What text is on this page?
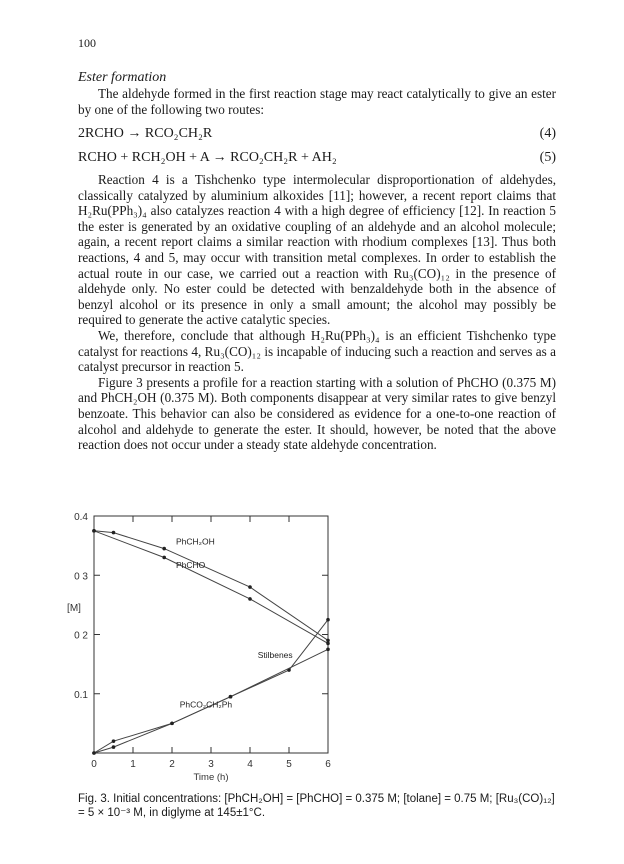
100
Ester formation
The aldehyde formed in the first reaction stage may react catalytically to give an ester by one of the following two routes:
2RCHO → RCO₂CH₂R	(4)
RCHO + RCH₂OH + A → RCO₂CH₂R + AH₂	(5)
Reaction 4 is a Tishchenko type intermolecular disproportionation of aldehydes, classically catalyzed by aluminium alkoxides [11]; however, a recent report claims that H₂Ru(PPh₃)₄ also catalyzes reaction 4 with a high degree of efficiency [12]. In reaction 5 the ester is generated by an oxidative coupling of an aldehyde and an alcohol molecule; again, a recent report claims a similar reaction with rhodium complexes [13]. Thus both reactions, 4 and 5, may occur with transition metal complexes. In order to establish the actual route in our case, we carried out a reaction with Ru₃(CO)₁₂ in the presence of aldehyde only. No ester could be detected with benzaldehyde both in the absence of benzyl alcohol or its presence in only a small amount; the alcohol may possibly be required to generate the active catalytic species.
We, therefore, conclude that although H₂Ru(PPh₃)₄ is an efficient Tishchenko type catalyst for reactions 4, Ru₃(CO)₁₂ is incapable of inducing such a reaction and serves as a catalyst precursor in reaction 5.
Figure 3 presents a profile for a reaction starting with a solution of PhCHO (0.375 M) and PhCH₂OH (0.375 M). Both components disappear at very similar rates to give benzyl benzoate. This behavior can also be considered as evidence for a one-to-one reaction of alcohol and aldehyde to generate the ester. It should, however, be noted that the above reaction does not occur under a steady state aldehyde concentration.
0	1	2	3	4	5	6
0.1
0 2
0 3
0.4
[M]
Time (h)
PhCH₂OH
PhCHO
Stilbenes
PhCO₂CH₂Ph
Fig. 3. Initial concentrations: [PhCH₂OH] = [PhCHO] = 0.375 M; [tolane] = 0.75 M; [Ru₃(CO)₁₂] = 5 × 10⁻³ M, in diglyme at 145±1°C.
